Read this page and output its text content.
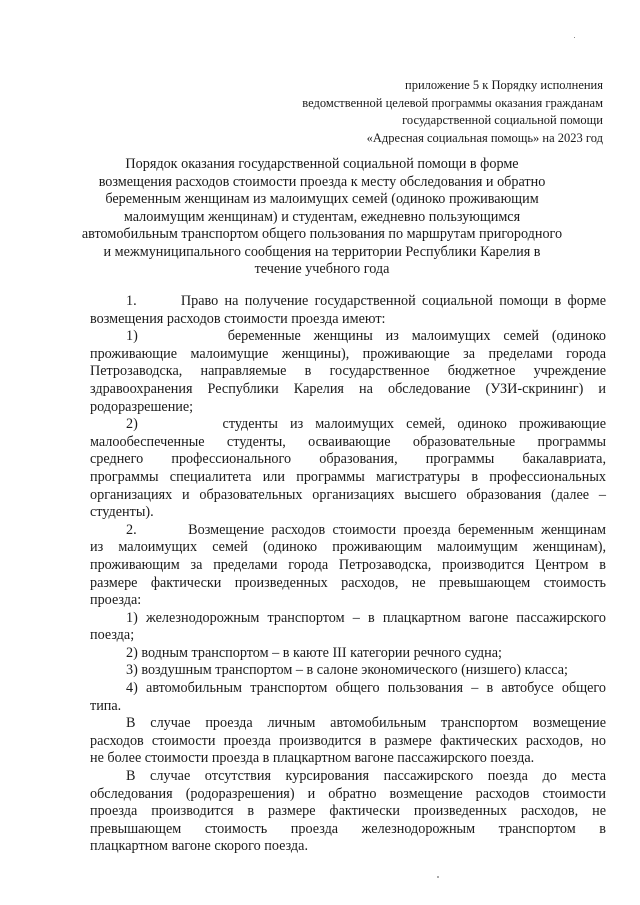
приложение 5 к Порядку исполнения
ведомственной целевой программы оказания гражданам
государственной социальной помощи
«Адресная социальная помощь» на 2023 год
Порядок оказания государственной социальной помощи в форме
возмещения расходов стоимости проезда к месту обследования и обратно
беременным женщинам из малоимущих семей (одиноко проживающим
малоимущим женщинам) и студентам, ежедневно пользующимся
автомобильным транспортом общего пользования по маршрутам пригородного
и межмуниципального сообщения на территории Республики Карелия в
течение учебного года
1.       Право на получение государственной социальной помощи в форме
возмещения расходов стоимости проезда имеют:
1)       беременные женщины из малоимущих семей (одиноко
проживающие малоимущие женщины), проживающие за пределами города
Петрозаводска, направляемые в государственное бюджетное учреждение
здравоохранения Республики Карелия на обследование (УЗИ-скрининг) и
родоразрешение;
2)       студенты из малоимущих семей, одиноко проживающие
малообеспеченные студенты, осваивающие образовательные программы
среднего профессионального образования, программы бакалавриата,
программы специалитета или программы магистратуры в профессиональных
организациях и образовательных организациях высшего образования (далее –
студенты).
2.       Возмещение расходов стоимости проезда беременным женщинам
из малоимущих семей (одиноко проживающим малоимущим женщинам),
проживающим за пределами города Петрозаводска, производится Центром в
размере фактически произведенных расходов, не превышающем стоимость
проезда:
1) железнодорожным транспортом – в плацкартном вагоне пассажирского
поезда;
2) водным транспортом – в каюте III категории речного судна;
3) воздушным транспортом – в салоне экономического (низшего) класса;
4) автомобильным транспортом общего пользования – в автобусе общего
типа.
В случае проезда личным автомобильным транспортом возмещение
расходов стоимости проезда производится в размере фактических расходов, но
не более стоимости проезда в плацкартном вагоне пассажирского поезда.
В случае отсутствия курсирования пассажирского поезда до места
обследования (родоразрешения) и обратно возмещение расходов стоимости
проезда производится в размере фактически произведенных расходов, не
превышающем стоимость проезда железнодорожным транспортом в
плацкартном вагоне скорого поезда.
